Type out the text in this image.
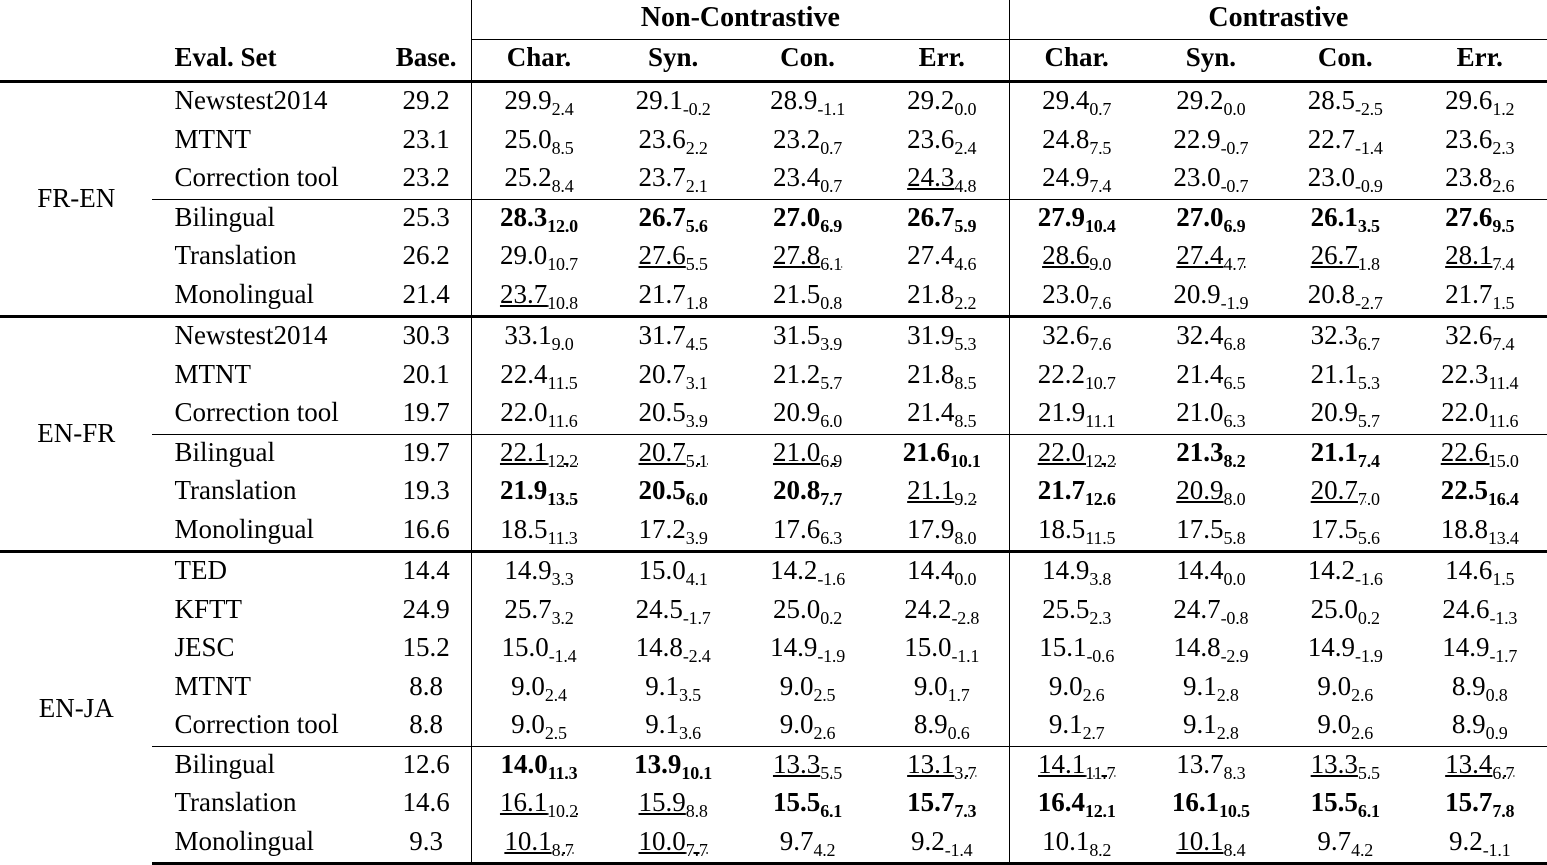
			Non-Contrastive				Contrastive			
	Eval. Set	Base.	Char.	Syn.	Con.	Err.	Char.	Syn.	Con.	Err.
FR-EN	Newstest2014	29.2	$29.9_{2.4}$	$29.1_{-0.2}$	$28.9_{-1.1}$	$29.2_{0.0}$	$29.4_{0.7}$	$29.2_{0.0}$	$28.5_{-2.5}$	$29.6_{1.2}$
	MTNT	23.1	$25.0_{8.5}$	$23.6_{2.2}$	$23.2_{0.7}$	$23.6_{2.4}$	$24.8_{7.5}$	$22.9_{-0.7}$	$22.7_{-1.4}$	$23.6_{2.3}$
	Correction tool	23.2	$25.2_{8.4}$	$23.7_{2.1}$	$23.4_{0.7}$	$24.3_{4.8}$	$24.9_{7.4}$	$23.0_{-0.7}$	$23.0_{-0.9}$	$23.8_{2.6}$
	Bilingual	25.3	$28.3_{12.0}$	$26.7_{5.6}$	$27.0_{6.9}$	$26.7_{5.9}$	$27.9_{10.4}$	$27.0_{6.9}$	$26.1_{3.5}$	$27.6_{9.5}$
	Translation	26.2	$29.0_{10.7}$	$27.6_{5.5}$	$27.8_{6.1}$	$27.4_{4.6}$	$28.6_{9.0}$	$27.4_{4.7}$	$26.7_{1.8}$	$28.1_{7.4}$
	Monolingual	21.4	$23.7_{10.8}$	$21.7_{1.8}$	$21.5_{0.8}$	$21.8_{2.2}$	$23.0_{7.6}$	$20.9_{-1.9}$	$20.8_{-2.7}$	$21.7_{1.5}$
EN-FR	Newstest2014	30.3	$33.1_{9.0}$	$31.7_{4.5}$	$31.5_{3.9}$	$31.9_{5.3}$	$32.6_{7.6}$	$32.4_{6.8}$	$32.3_{6.7}$	$32.6_{7.4}$
	MTNT	20.1	$22.4_{11.5}$	$20.7_{3.1}$	$21.2_{5.7}$	$21.8_{8.5}$	$22.2_{10.7}$	$21.4_{6.5}$	$21.1_{5.3}$	$22.3_{11.4}$
	Correction tool	19.7	$22.0_{11.6}$	$20.5_{3.9}$	$20.9_{6.0}$	$21.4_{8.5}$	$21.9_{11.1}$	$21.0_{6.3}$	$20.9_{5.7}$	$22.0_{11.6}$
	Bilingual	19.7	$22.1_{12.2}$	$20.7_{5.1}$	$21.0_{6.9}$	$21.6_{10.1}$	$22.0_{12.2}$	$21.3_{8.2}$	$21.1_{7.4}$	$22.6_{15.0}$
	Translation	19.3	$21.9_{13.5}$	$20.5_{6.0}$	$20.8_{7.7}$	$21.1_{9.2}$	$21.7_{12.6}$	$20.9_{8.0}$	$20.7_{7.0}$	$22.5_{16.4}$
	Monolingual	16.6	$18.5_{11.3}$	$17.2_{3.9}$	$17.6_{6.3}$	$17.9_{8.0}$	$18.5_{11.5}$	$17.5_{5.8}$	$17.5_{5.6}$	$18.8_{13.4}$
EN-JA	TED	14.4	$14.9_{3.3}$	$15.0_{4.1}$	$14.2_{-1.6}$	$14.4_{0.0}$	$14.9_{3.8}$	$14.4_{0.0}$	$14.2_{-1.6}$	$14.6_{1.5}$
	KFTT	24.9	$25.7_{3.2}$	$24.5_{-1.7}$	$25.0_{0.2}$	$24.2_{-2.8}$	$25.5_{2.3}$	$24.7_{-0.8}$	$25.0_{0.2}$	$24.6_{-1.3}$
	JESC	15.2	$15.0_{-1.4}$	$14.8_{-2.4}$	$14.9_{-1.9}$	$15.0_{-1.1}$	$15.1_{-0.6}$	$14.8_{-2.9}$	$14.9_{-1.9}$	$14.9_{-1.7}$
	MTNT	8.8	$9.0_{2.4}$	$9.1_{3.5}$	$9.0_{2.5}$	$9.0_{1.7}$	$9.0_{2.6}$	$9.1_{2.8}$	$9.0_{2.6}$	$8.9_{0.8}$
	Correction tool	8.8	$9.0_{2.5}$	$9.1_{3.6}$	$9.0_{2.6}$	$8.9_{0.6}$	$9.1_{2.7}$	$9.1_{2.8}$	$9.0_{2.6}$	$8.9_{0.9}$
	Bilingual	12.6	$14.0_{11.3}$	$13.9_{10.1}$	$13.3_{5.5}$	$13.1_{3.7}$	$14.1_{11.7}$	$13.7_{8.3}$	$13.3_{5.5}$	$13.4_{6.7}$
	Translation	14.6	$16.1_{10.2}$	$15.9_{8.8}$	$15.5_{6.1}$	$15.7_{7.3}$	$16.4_{12.1}$	$16.1_{10.5}$	$15.5_{6.1}$	$15.7_{7.8}$
	Monolingual	9.3	$10.1_{8.7}$	$10.0_{7.7}$	$9.7_{4.2}$	$9.2_{-1.4}$	$10.1_{8.2}$	$10.1_{8.4}$	$9.7_{4.2}$	$9.2_{-1.1}$
